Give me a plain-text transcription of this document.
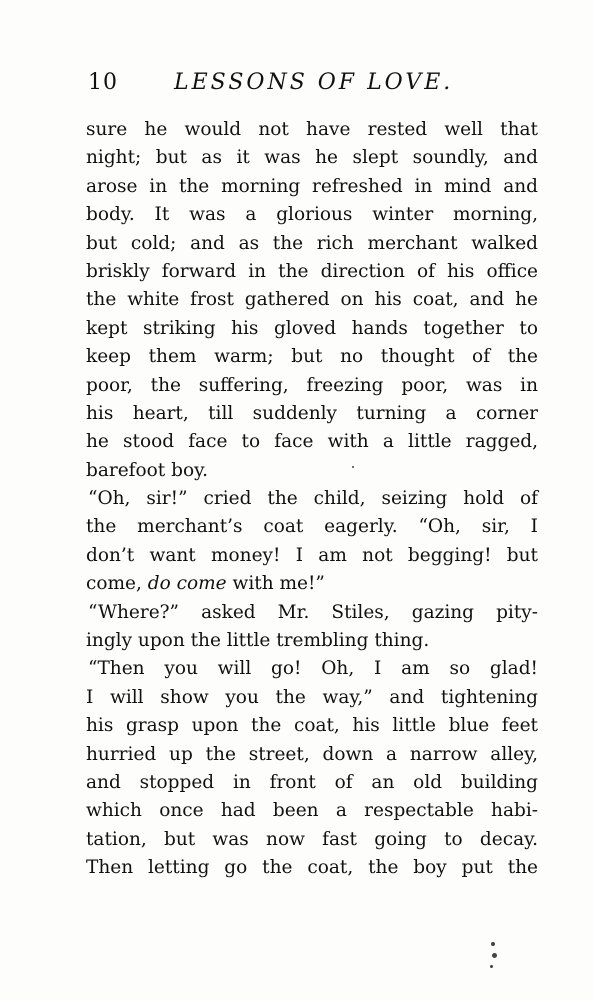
10	LESSONS OF LOVE.
sure he would not have rested well that
night; but as it was he slept soundly, and
arose in the morning refreshed in mind and
body. It was a glorious winter morning,
but cold; and as the rich merchant walked
briskly forward in the direction of his office
the white frost gathered on his coat, and he
kept striking his gloved hands together to
keep them warm; but no thought of the
poor, the suffering, freezing poor, was in
his heart, till suddenly turning a corner
he stood face to face with a little ragged,
barefoot boy.
“Oh, sir!” cried the child, seizing hold of
the merchant’s coat eagerly. “Oh, sir, I
don’t want money! I am not begging! but
come, do come with me!”
“Where?” asked Mr. Stiles, gazing pity-
ingly upon the little trembling thing.
“Then you will go! Oh, I am so glad!
I will show you the way,” and tightening
his grasp upon the coat, his little blue feet
hurried up the street, down a narrow alley,
and stopped in front of an old building
which once had been a respectable habi-
tation, but was now fast going to decay.
Then letting go the coat, the boy put the
